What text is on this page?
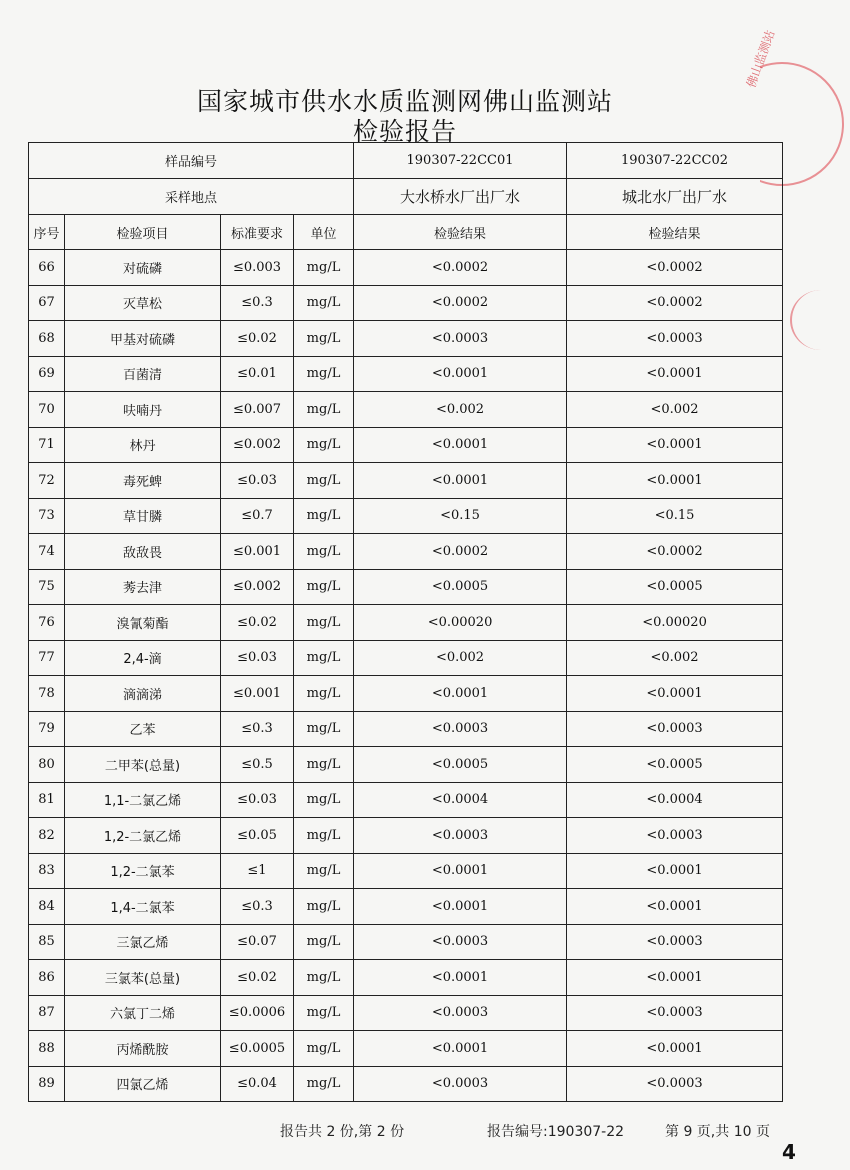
佛山监测站
国家城市供水水质监测网佛山监测站
检验报告
样品编号				190307-22CC01	190307-22CC02
采样地点				大水桥水厂出厂水	城北水厂出厂水
序号	检验项目	标准要求	单位	检验结果	检验结果
66	对硫磷	≤0.003	mg/L	<0.0002	<0.0002
67	灭草松	≤0.3	mg/L	<0.0002	<0.0002
68	甲基对硫磷	≤0.02	mg/L	<0.0003	<0.0003
69	百菌清	≤0.01	mg/L	<0.0001	<0.0001
70	呋喃丹	≤0.007	mg/L	<0.002	<0.002
71	林丹	≤0.002	mg/L	<0.0001	<0.0001
72	毒死蜱	≤0.03	mg/L	<0.0001	<0.0001
73	草甘膦	≤0.7	mg/L	<0.15	<0.15
74	敌敌畏	≤0.001	mg/L	<0.0002	<0.0002
75	莠去津	≤0.002	mg/L	<0.0005	<0.0005
76	溴氰菊酯	≤0.02	mg/L	<0.00020	<0.00020
77	2,4-滴	≤0.03	mg/L	<0.002	<0.002
78	滴滴涕	≤0.001	mg/L	<0.0001	<0.0001
79	乙苯	≤0.3	mg/L	<0.0003	<0.0003
80	二甲苯(总量)	≤0.5	mg/L	<0.0005	<0.0005
81	1,1-二氯乙烯	≤0.03	mg/L	<0.0004	<0.0004
82	1,2-二氯乙烯	≤0.05	mg/L	<0.0003	<0.0003
83	1,2-二氯苯	≤1	mg/L	<0.0001	<0.0001
84	1,4-二氯苯	≤0.3	mg/L	<0.0001	<0.0001
85	三氯乙烯	≤0.07	mg/L	<0.0003	<0.0003
86	三氯苯(总量)	≤0.02	mg/L	<0.0001	<0.0001
87	六氯丁二烯	≤0.0006	mg/L	<0.0003	<0.0003
88	丙烯酰胺	≤0.0005	mg/L	<0.0001	<0.0001
89	四氯乙烯	≤0.04	mg/L	<0.0003	<0.0003
报告共 2 份,第 2 份	报告编号:190307-22	第 9 页,共 10 页
4
